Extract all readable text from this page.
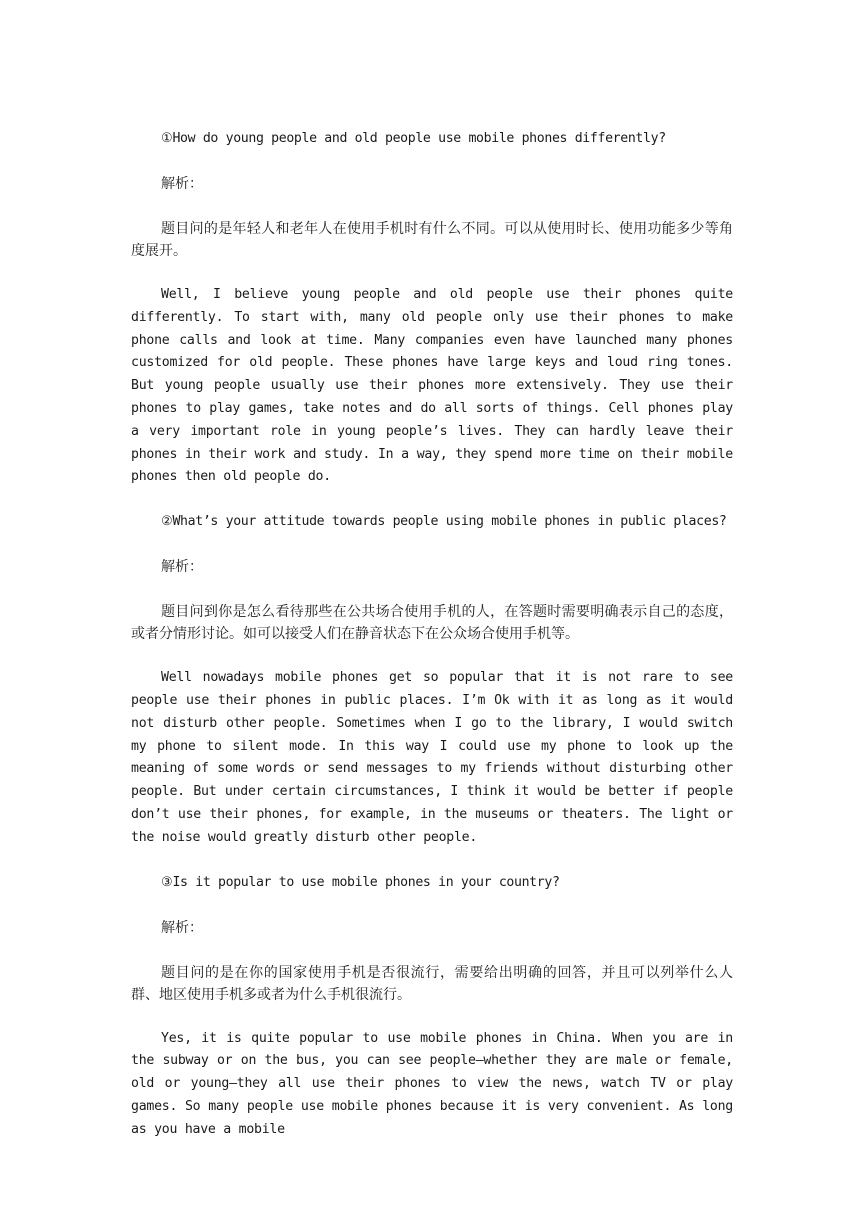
①How do young people and old people use mobile phones differently?

解析：

题目问的是年轻人和老年人在使用手机时有什么不同。可以从使用时长、使用功能多少等角度展开。

Well, I believe young people and old people use their phones quite differently. To start with, many old people only use their phones to make phone calls and look at time. Many companies even have launched many phones customized for old people. These phones have large keys and loud ring tones. But young people usually use their phones more extensively. They use their phones to play games, take notes and do all sorts of things. Cell phones play a very important role in young people’s lives. They can hardly leave their phones in their work and study. In a way, they spend more time on their mobile phones then old people do.

②What’s your attitude towards people using mobile phones in public places?

解析：

题目问到你是怎么看待那些在公共场合使用手机的人，在答题时需要明确表示自己的态度，或者分情形讨论。如可以接受人们在静音状态下在公众场合使用手机等。

Well nowadays mobile phones get so popular that it is not rare to see people use their phones in public places. I’m Ok with it as long as it would not disturb other people. Sometimes when I go to the library, I would switch my phone to silent mode. In this way I could use my phone to look up the meaning of some words or send messages to my friends without disturbing other people. But under certain circumstances, I think it would be better if people don’t use their phones, for example, in the museums or theaters. The light or the noise would greatly disturb other people.

③Is it popular to use mobile phones in your country?

解析：

题目问的是在你的国家使用手机是否很流行，需要给出明确的回答，并且可以列举什么人群、地区使用手机多或者为什么手机很流行。

Yes, it is quite popular to use mobile phones in China. When you are in the subway or on the bus, you can see people—whether they are male or female, old or young—they all use their phones to view the news, watch TV or play games. So many people use mobile phones because it is very convenient. As long as you have a mobile
